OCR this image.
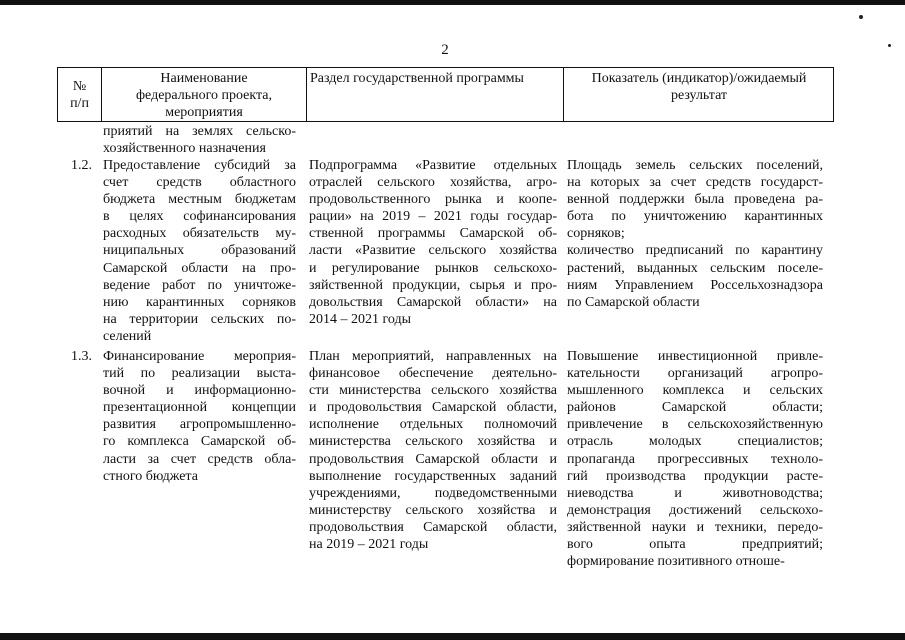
2
№
п/п
Наименование
федерального проекта,
мероприятия
Раздел государственной программы	Показатель (индикатор)/ожидаемый
результат
приятий на землях сельско-
хозяйственного назначения
1.2. Предоставление субсидий за
счет средств областного
бюджета местным бюджетам
в целях софинансирования
расходных обязательств му-
ниципальных образований
Самарской области на про-
ведение работ по уничтоже-
нию карантинных сорняков
на территории сельских по-
селений
Подпрограмма «Развитие отдельных
отраслей сельского хозяйства, агро-
продовольственного рынка и коопе-
рации» на 2019 – 2021 годы государ-
ственной программы Самарской об-
ласти «Развитие сельского хозяйства
и регулирование рынков сельскохо-
зяйственной продукции, сырья и про-
довольствия Самарской области» на
2014 – 2021 годы
Площадь земель сельских поселений,
на которых за счет средств государст-
венной поддержки была проведена ра-
бота по уничтожению карантинных
сорняков;
количество предписаний по карантину
растений, выданных сельским поселе-
ниям Управлением Россельхознадзора
по Самарской области
1.3. Финансирование мероприя-
тий по реализации выста-
вочной и информационно-
презентационной концепции
развития агропромышленно-
го комплекса Самарской об-
ласти за счет средств обла-
стного бюджета
План мероприятий, направленных на
финансовое обеспечение деятельно-
сти министерства сельского хозяйства
и продовольствия Самарской области,
исполнение отдельных полномочий
министерства сельского хозяйства и
продовольствия Самарской области и
выполнение государственных заданий
учреждениями, подведомственными
министерству сельского хозяйства и
продовольствия Самарской области,
на 2019 – 2021 годы
Повышение инвестиционной привле-
кательности организаций агропро-
мышленного комплекса и сельских
районов Самарской области;
привлечение в сельскохозяйственную
отрасль молодых специалистов;
пропаганда прогрессивных техноло-
гий производства продукции расте-
ниеводства и животноводства;
демонстрация достижений сельскохо-
зяйственной науки и техники, передо-
вого опыта предприятий;
формирование позитивного отноше-
